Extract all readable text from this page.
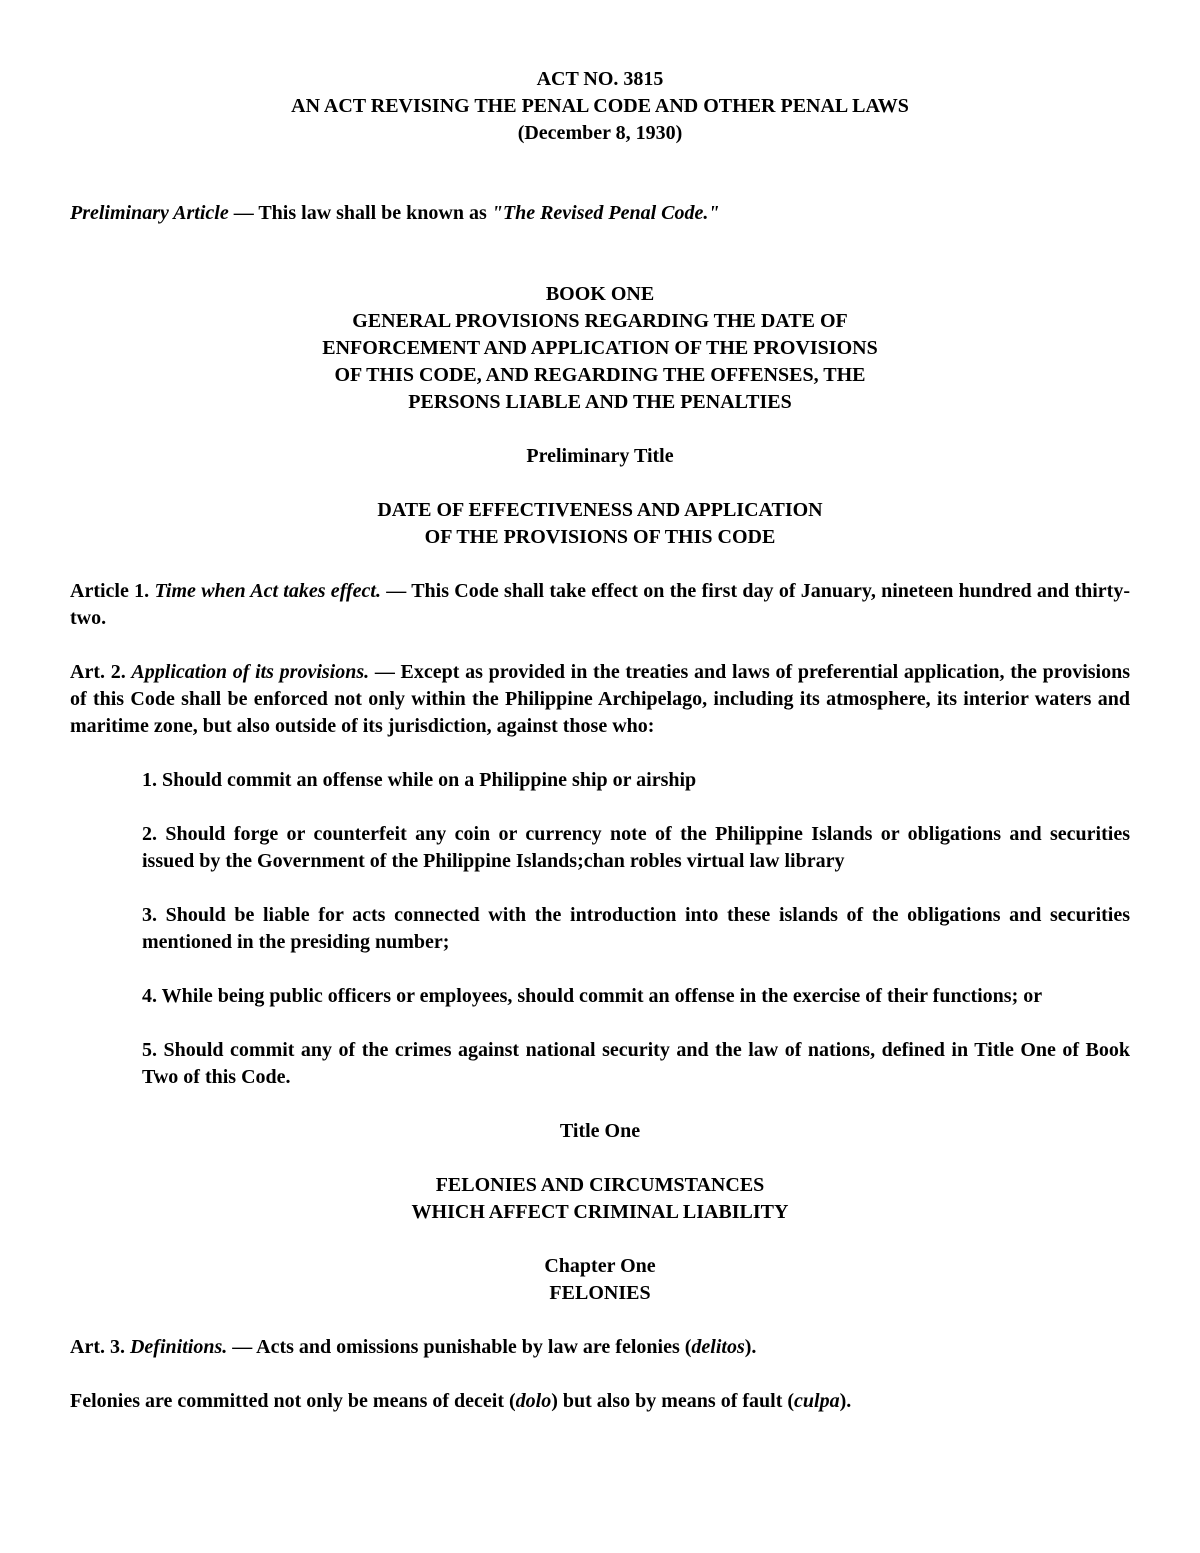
ACT NO. 3815
AN ACT REVISING THE PENAL CODE AND OTHER PENAL LAWS
(December 8, 1930)
Preliminary Article — This law shall be known as "The Revised Penal Code."
BOOK ONE
GENERAL PROVISIONS REGARDING THE DATE OF
ENFORCEMENT AND APPLICATION OF THE PROVISIONS
OF THIS CODE, AND REGARDING THE OFFENSES, THE
PERSONS LIABLE AND THE PENALTIES
Preliminary Title
DATE OF EFFECTIVENESS AND APPLICATION
OF THE PROVISIONS OF THIS CODE
Article 1. Time when Act takes effect. — This Code shall take effect on the first day of January, nineteen hundred and thirty-two.
Art. 2. Application of its provisions. — Except as provided in the treaties and laws of preferential application, the provisions of this Code shall be enforced not only within the Philippine Archipelago, including its atmosphere, its interior waters and maritime zone, but also outside of its jurisdiction, against those who:
1. Should commit an offense while on a Philippine ship or airship
2. Should forge or counterfeit any coin or currency note of the Philippine Islands or obligations and securities issued by the Government of the Philippine Islands;chan robles virtual law library
3. Should be liable for acts connected with the introduction into these islands of the obligations and securities mentioned in the presiding number;
4. While being public officers or employees, should commit an offense in the exercise of their functions; or
5. Should commit any of the crimes against national security and the law of nations, defined in Title One of Book Two of this Code.
Title One
FELONIES AND CIRCUMSTANCES
WHICH AFFECT CRIMINAL LIABILITY
Chapter One
FELONIES
Art. 3. Definitions. — Acts and omissions punishable by law are felonies (delitos).
Felonies are committed not only be means of deceit (dolo) but also by means of fault (culpa).
